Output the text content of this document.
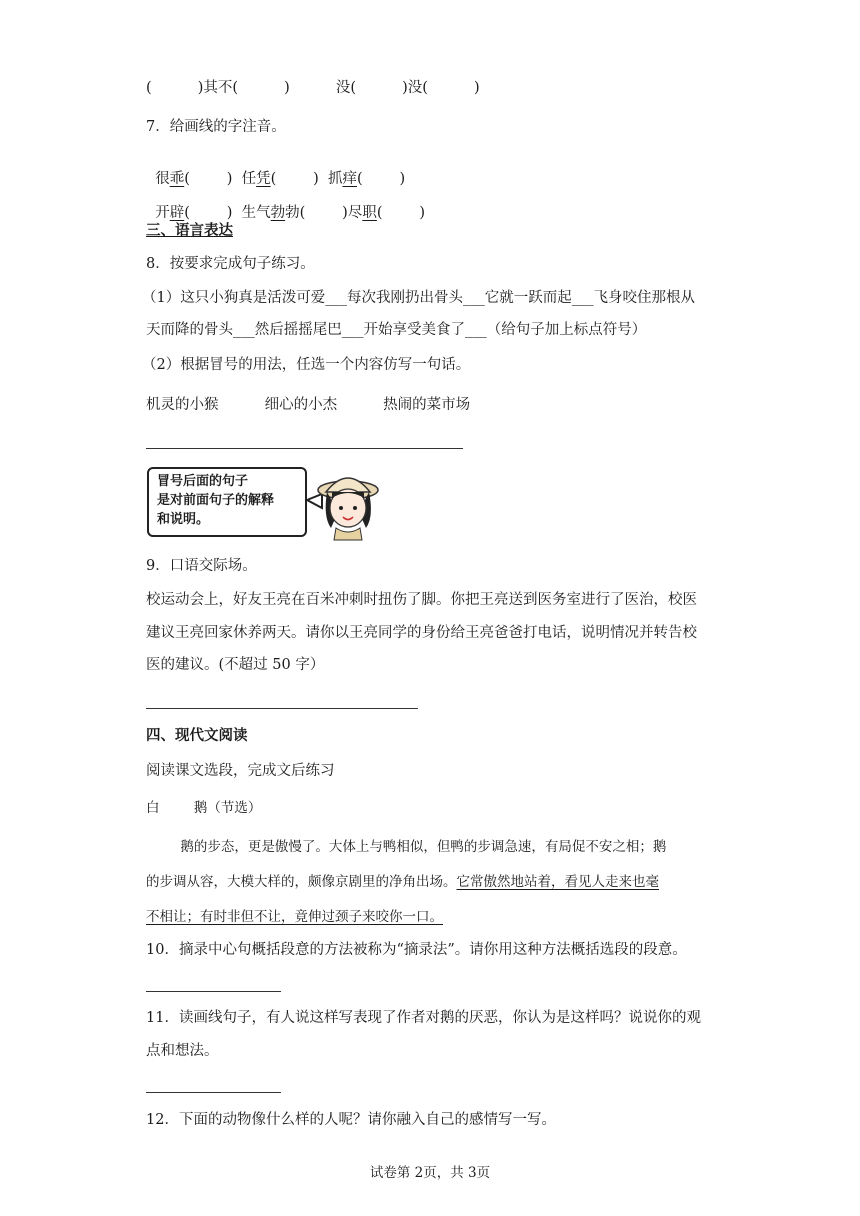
(          )其不(          )          没(          )没(          )
7．给画线的字注音。

很乖(        )  任凭(        )  抓痒(        )

开辟(        )  生气勃勃(        )尽职(        )

三、语言表达
8．按要求完成句子练习。
（1）这只小狗真是活泼可爱___每次我刚扔出骨头___它就一跃而起___飞身咬住那根从
天而降的骨头___然后摇摇尾巴___开始享受美食了___（给句子加上标点符号）
（2）根据冒号的用法，任选一个内容仿写一句话。
机灵的小猴          细心的小杰          热闹的菜市场
冒号后面的句子
是对前面句子的解释
和说明。
9．口语交际场。
校运动会上，好友王亮在百米冲刺时扭伤了脚。你把王亮送到医务室进行了医治，校医
建议王亮回家休养两天。请你以王亮同学的身份给王亮爸爸打电话，说明情况并转告校
医的建议。(不超过 50 字）
四、现代文阅读
阅读课文选段，完成文后练习
白        鹅（节选）
鹅的步态，更是傲慢了。大体上与鸭相似，但鸭的步调急速，有局促不安之相；鹅
的步调从容，大模大样的，颇像京剧里的净角出场。它常傲然地站着，看见人走来也毫
不相让；有时非但不让，竟伸过颈子来咬你一口。
10．摘录中心句概括段意的方法被称为“摘录法”。请你用这种方法概括选段的段意。
11．读画线句子，有人说这样写表现了作者对鹅的厌恶，你认为是这样吗？说说你的观
点和想法。
12．下面的动物像什么样的人呢？请你融入自己的感情写一写。
试卷第 2页，共 3页
